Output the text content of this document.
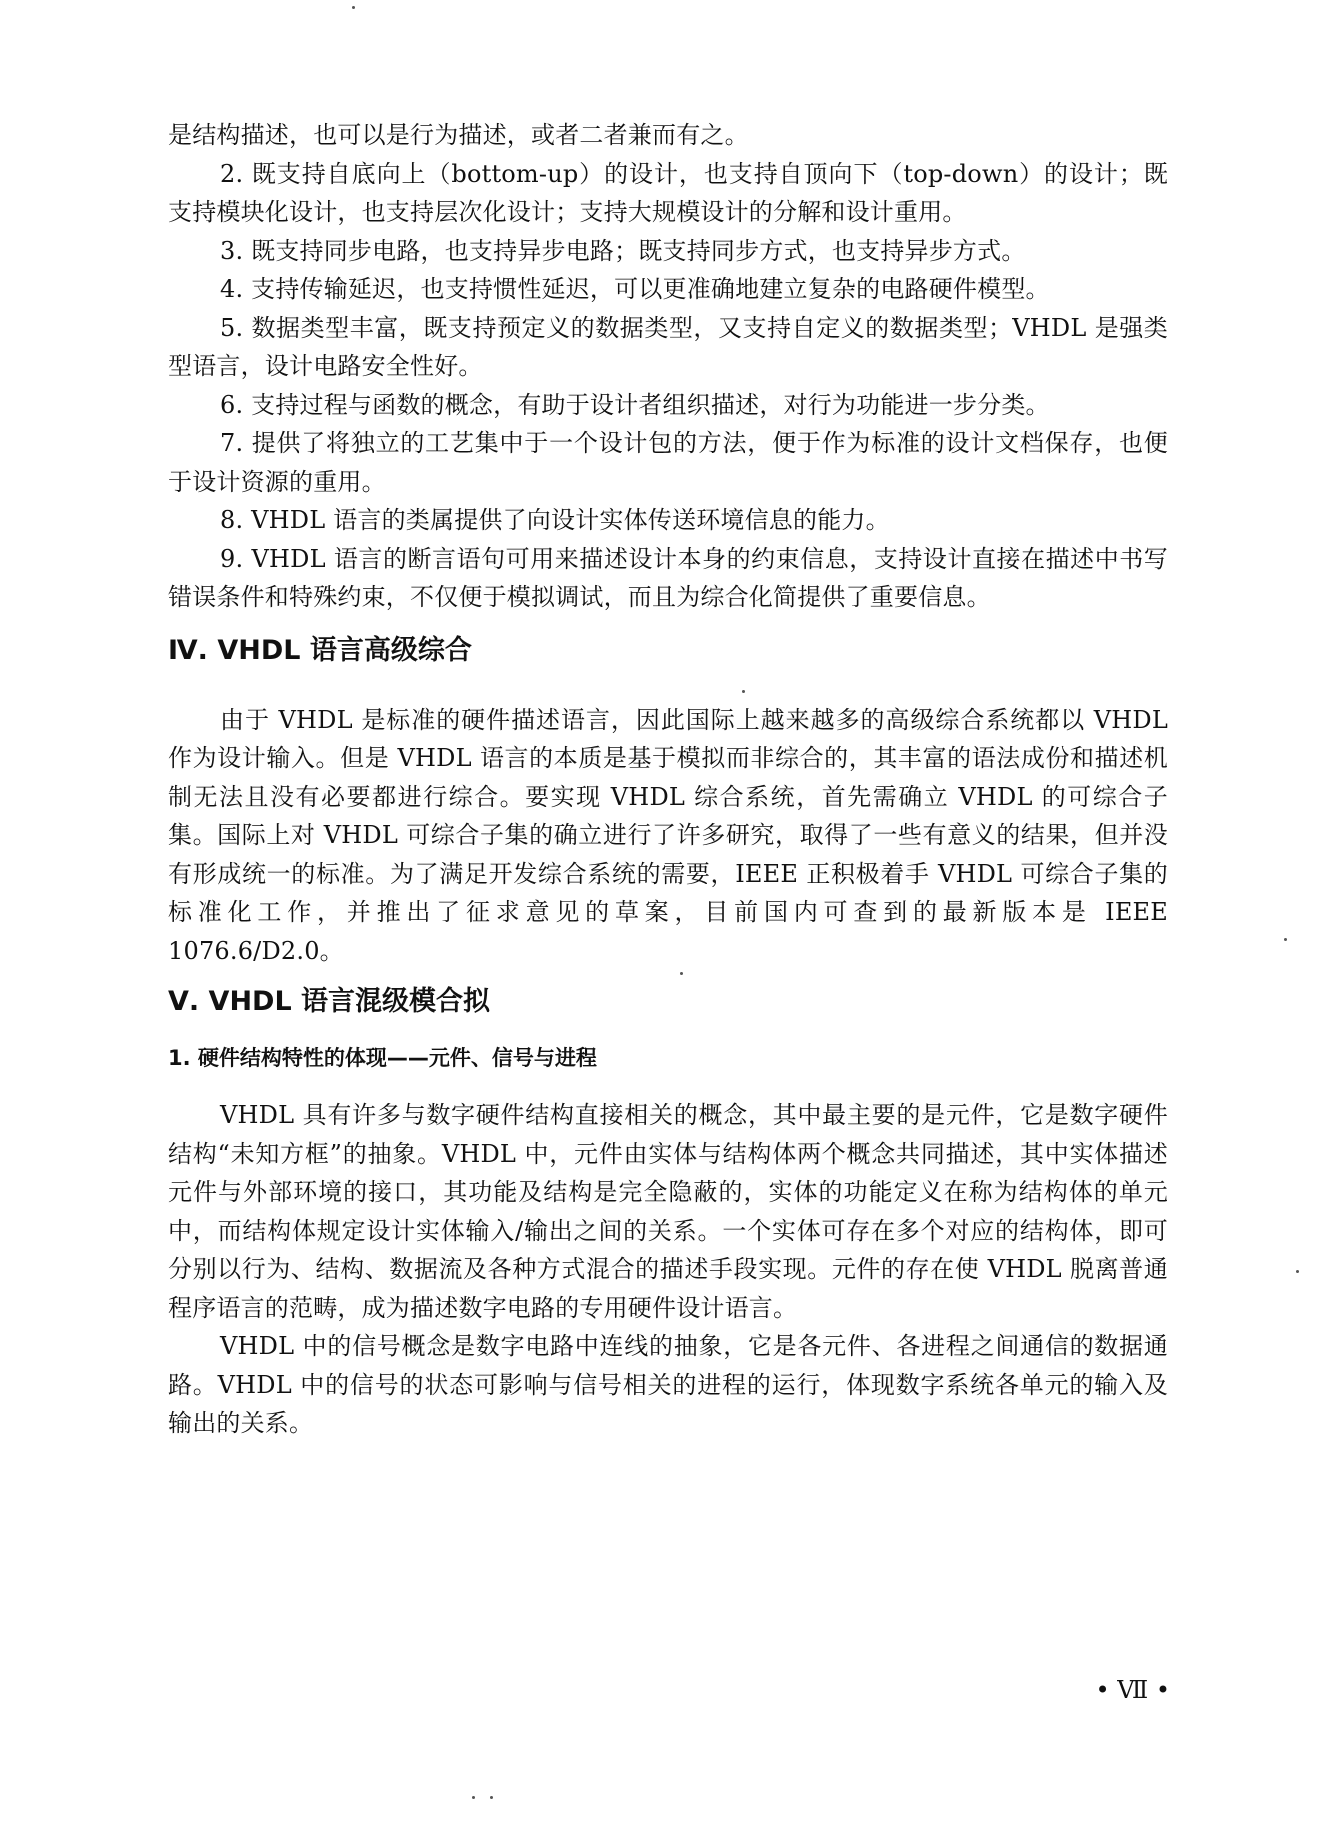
是结构描述，也可以是行为描述，或者二者兼而有之。

2. 既支持自底向上（bottom-up）的设计，也支持自顶向下（top-down）的设计；既支持模块化设计，也支持层次化设计；支持大规模设计的分解和设计重用。

3. 既支持同步电路，也支持异步电路；既支持同步方式，也支持异步方式。

4. 支持传输延迟，也支持惯性延迟，可以更准确地建立复杂的电路硬件模型。

5. 数据类型丰富，既支持预定义的数据类型，又支持自定义的数据类型；VHDL 是强类型语言，设计电路安全性好。

6. 支持过程与函数的概念，有助于设计者组织描述，对行为功能进一步分类。

7. 提供了将独立的工艺集中于一个设计包的方法，便于作为标准的设计文档保存，也便于设计资源的重用。

8. VHDL 语言的类属提供了向设计实体传送环境信息的能力。

9. VHDL 语言的断言语句可用来描述设计本身的约束信息，支持设计直接在描述中书写错误条件和特殊约束，不仅便于模拟调试，而且为综合化简提供了重要信息。

Ⅳ. VHDL 语言高级综合

由于 VHDL 是标准的硬件描述语言，因此国际上越来越多的高级综合系统都以 VHDL 作为设计输入。但是 VHDL 语言的本质是基于模拟而非综合的，其丰富的语法成份和描述机制无法且没有必要都进行综合。要实现 VHDL 综合系统，首先需确立 VHDL 的可综合子集。国际上对 VHDL 可综合子集的确立进行了许多研究，取得了一些有意义的结果，但并没有形成统一的标准。为了满足开发综合系统的需要，IEEE 正积极着手 VHDL 可综合子集的标准化工作，并推出了征求意见的草案，目前国内可查到的最新版本是 IEEE 1076.6/D2.0。

Ⅴ. VHDL 语言混级模合拟
1. 硬件结构特性的体现——元件、信号与进程

VHDL 具有许多与数字硬件结构直接相关的概念，其中最主要的是元件，它是数字硬件结构“未知方框”的抽象。VHDL 中，元件由实体与结构体两个概念共同描述，其中实体描述元件与外部环境的接口，其功能及结构是完全隐蔽的，实体的功能定义在称为结构体的单元中，而结构体规定设计实体输入/输出之间的关系。一个实体可存在多个对应的结构体，即可分别以行为、结构、数据流及各种方式混合的描述手段实现。元件的存在使 VHDL 脱离普通程序语言的范畴，成为描述数字电路的专用硬件设计语言。

VHDL 中的信号概念是数字电路中连线的抽象，它是各元件、各进程之间通信的数据通路。VHDL 中的信号的状态可影响与信号相关的进程的运行，体现数字系统各单元的输入及输出的关系。

• Ⅶ •
